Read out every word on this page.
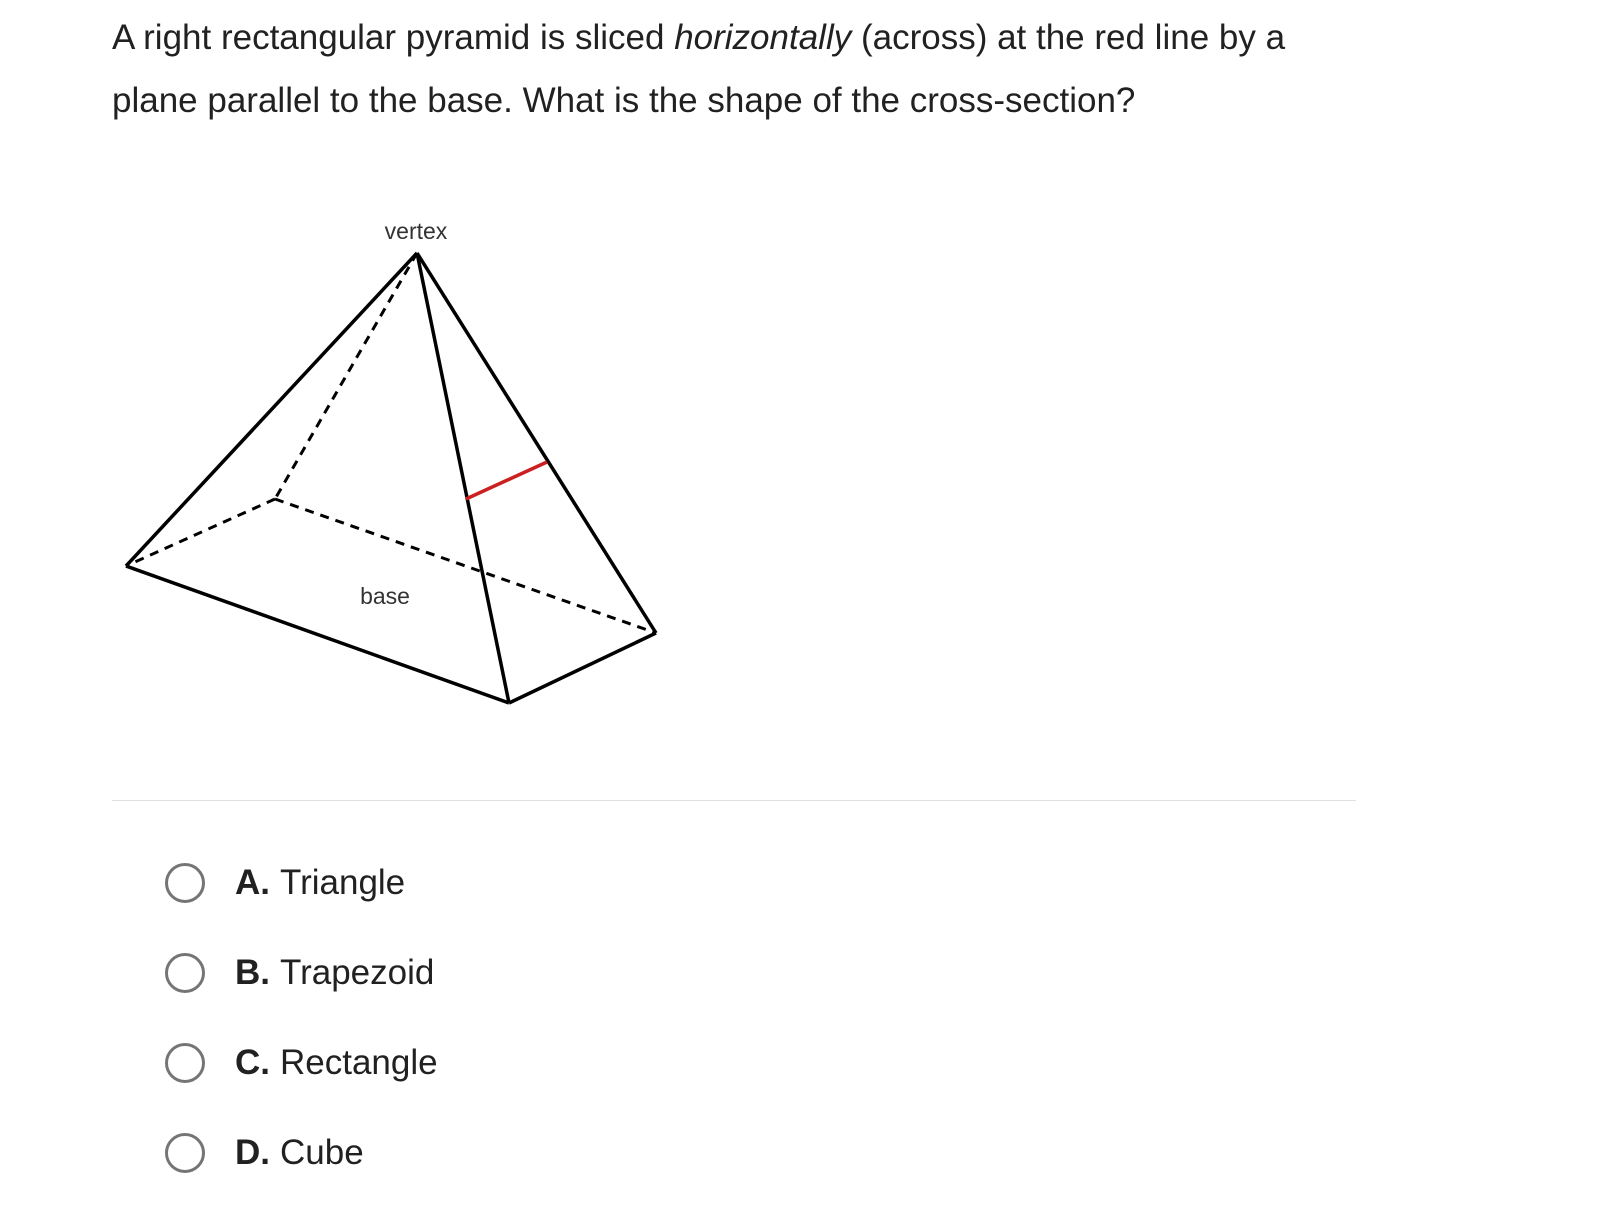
A right rectangular pyramid is sliced horizontally (across) at the red line by a plane parallel to the base. What is the shape of the cross-section?

vertex
base
A. Triangle
B. Trapezoid
C. Rectangle
D. Cube
